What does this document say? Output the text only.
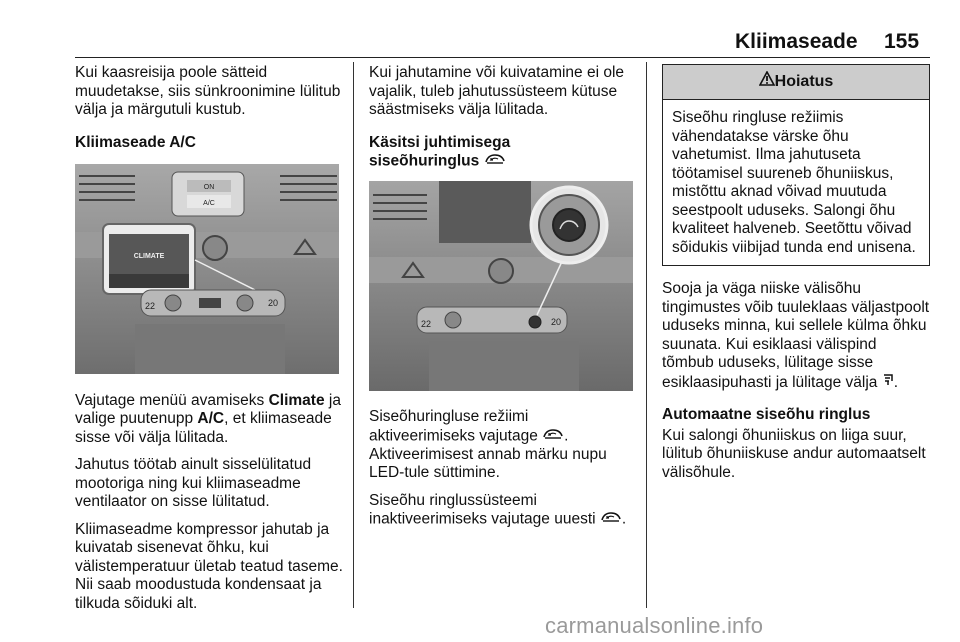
Kliimaseade 155

Kui kaasreisija poole sätteid muudetakse, siis sünkroonimine lülitub välja ja märgutuli kustub.

Kliimaseade A/C

ON
A/C
CLIMATE
22	20

Vajutage menüü avamiseks Climate ja valige puutenupp A/C, et kliimaseade sisse või välja lülitada.

Jahutus töötab ainult sisselülitatud mootoriga ning kui kliimaseadme ventilaator on sisse lülitatud.

Kliimaseadme kompressor jahutab ja kuivatab sisenevat õhku, kui välistemperatuur ületab teatud taseme. Nii saab moodustuda kondensaat ja tilkuda sõiduki alt.

Kui jahutamine või kuivatamine ei ole vajalik, tuleb jahutussüsteem kütuse säästmiseks välja lülitada.

Käsitsi juhtimisega
siseõhuringlus

22	20

Siseõhuringluse režiimi aktiveerimiseks vajutage . Aktiveerimisest annab märku nupu LED-tule süttimine.

Siseõhu ringlussüsteemi inaktiveerimiseks vajutage uuesti .

Hoiatus
Siseõhu ringluse režiimis vähendatakse värske õhu vahetumist. Ilma jahutuseta töötamisel suureneb õhuniiskus, mistõttu aknad võivad muutuda seestpoolt uduseks. Salongi õhu kvaliteet halveneb. Seetõttu võivad sõidukis viibijad tunda end unisena.

Sooja ja väga niiske välisõhu tingimustes võib tuuleklaas väljastpoolt uduseks minna, kui sellele külma õhku suunata. Kui esiklaasi välispind tõmbub uduseks, lülitage sisse esiklaasipuhasti ja lülitage välja .

Automaatne siseõhu ringlus

Kui salongi õhuniiskus on liiga suur, lülitub õhuniiskuse andur automaatselt välisõhule.

carmanualsonline.info
